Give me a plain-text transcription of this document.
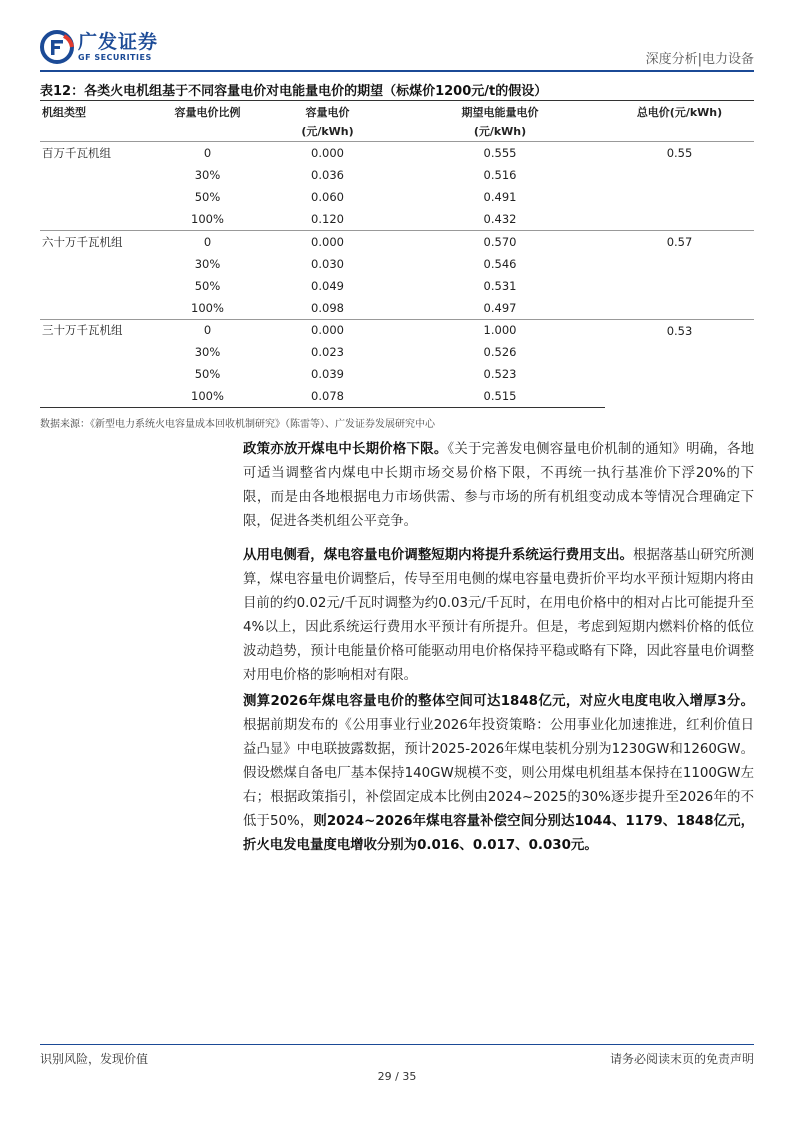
广发证券
GF SECURITIES	深度分析|电力设备
表12：各类火电机组基于不同容量电价对电能量电价的期望（标煤价1200元/t的假设）
机组类型	容量电价比例	容量电价	期望电能量电价	总电价(元/kWh)
		(元/kWh)	(元/kWh)	

百万千瓦机组	0	0.000	0.555	0.55
	30%	0.036	0.516	
	50%	0.060	0.491	
	100%	0.120	0.432	
六十万千瓦机组	0	0.000	0.570	0.57
	30%	0.030	0.546	
	50%	0.049	0.531	
	100%	0.098	0.497	
三十万千瓦机组	0	0.000	1.000	0.53
	30%	0.023	0.526	
	50%	0.039	0.523	
	100%	0.078	0.515	
数据来源：《新型电力系统火电容量成本回收机制研究》（陈雷等）、广发证券发展研究中心
政策亦放开煤电中长期价格下限。《关于完善发电侧容量电价机制的通知》明确，各地可适当调整省内煤电中长期市场交易价格下限，不再统一执行基准价下浮20%的下限，而是由各地根据电力市场供需、参与市场的所有机组变动成本等情况合理确定下限，促进各类机组公平竞争。
从用电侧看，煤电容量电价调整短期内将提升系统运行费用支出。根据落基山研究所测算，煤电容量电价调整后，传导至用电侧的煤电容量电费折价平均水平预计短期内将由目前的约0.02元/千瓦时调整为约0.03元/千瓦时，在用电价格中的相对占比可能提升至4%以上，因此系统运行费用水平预计有所提升。但是，考虑到短期内燃料价格的低位波动趋势，预计电能量价格可能驱动用电价格保持平稳或略有下降，因此容量电价调整对用电价格的影响相对有限。
测算2026年煤电容量电价的整体空间可达1848亿元，对应火电度电收入增厚3分。根据前期发布的《公用事业行业2026年投资策略：公用事业化加速推进，红利价值日益凸显》中电联披露数据，预计2025-2026年煤电装机分别为1230GW和1260GW。假设燃煤自备电厂基本保持140GW规模不变，则公用煤电机组基本保持在1100GW左右；根据政策指引，补偿固定成本比例由2024~2025的30%逐步提升至2026年的不低于50%，则2024~2026年煤电容量补偿空间分别达1044、1179、1848亿元，折火电发电量度电增收分别为0.016、0.017、0.030元。
识别风险，发现价值	请务必阅读末页的免责声明
29 / 35
